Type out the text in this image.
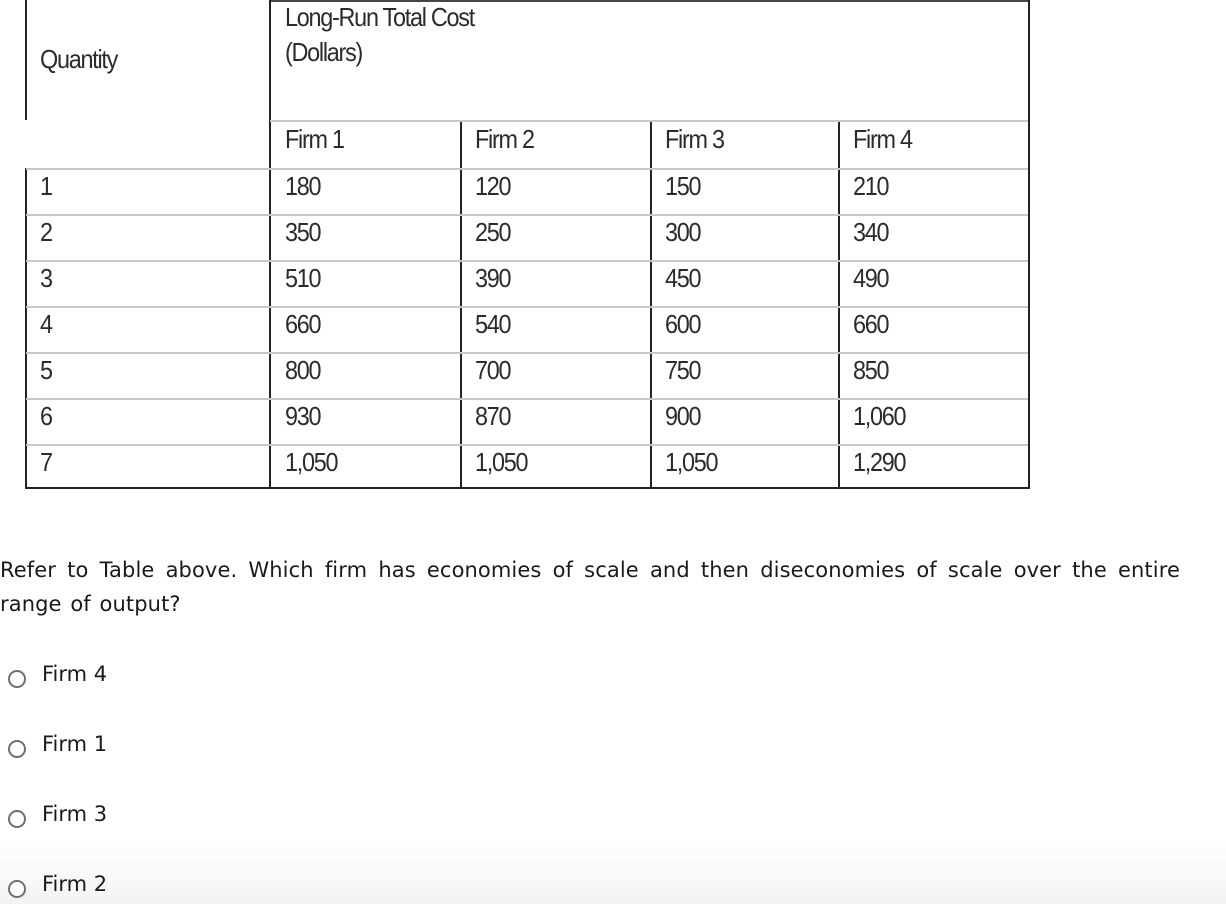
Quantity
Long-Run Total Cost
(Dollars)
Firm 1	Firm 2	Firm 3	Firm 4
1	180	120	150	210
2	350	250	300	340
3	510	390	450	490
4	660	540	600	660
5	800	700	750	850
6	930	870	900	1,060
7	1,050	1,050	1,050	1,290
Refer to Table above. Which firm has economies of scale and then diseconomies of scale over the entire range of output?
Firm 4
Firm 1
Firm 3
Firm 2
